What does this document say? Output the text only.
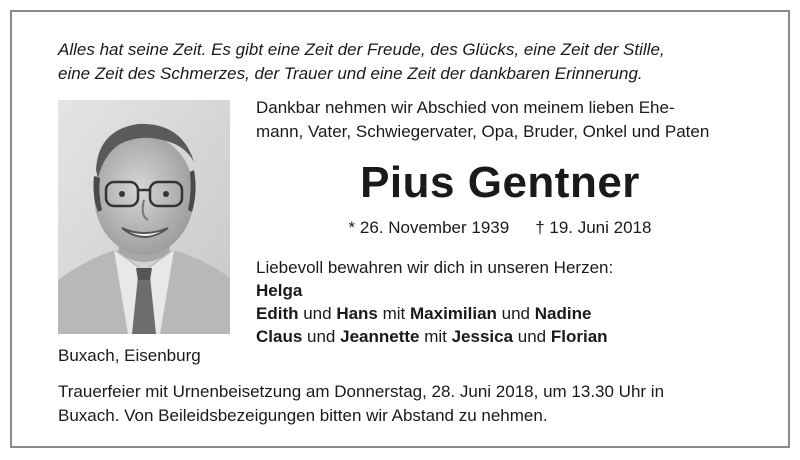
Alles hat seine Zeit. Es gibt eine Zeit der Freude, des Glücks, eine Zeit der Stille,
eine Zeit des Schmerzes, der Trauer und eine Zeit der dankbaren Erinnerung.
Dankbar nehmen wir Abschied von meinem lieben Ehe-
mann, Vater, Schwiegervater, Opa, Bruder, Onkel und Paten
Pius Gentner
* 26. November 1939 † 19. Juni 2018
Liebevoll bewahren wir dich in unseren Herzen:
Helga
Edith und Hans mit Maximilian und Nadine
Claus und Jeannette mit Jessica und Florian
Buxach, Eisenburg
Trauerfeier mit Urnenbeisetzung am Donnerstag, 28. Juni 2018, um 13.30 Uhr in
Buxach. Von Beileidsbezeigungen bitten wir Abstand zu nehmen.
